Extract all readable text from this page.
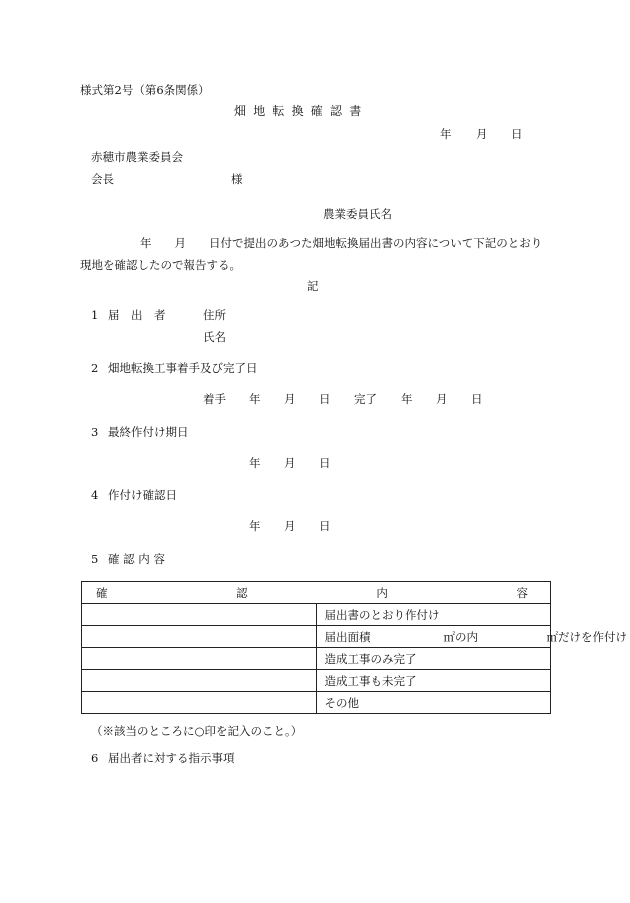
様式第2号（第6条関係）
畑地転換確認書
年 月 日
赤穂市農業委員会
会長	様
農業委員氏名
年　　月　　日付で提出のあつた畑地転換届出書の内容について下記のとおり
現地を確認したので報告する。
記
1 届　出　者	住所
氏名
2 畑地転換工事着手及び完了日
着手 年 月 日 完了 年 月 日
3 最終作付け期日
年 月 日
4 作付け確認日
年 月 日
5 確 認 内 容
確 認 内 容	

	届出書のとおり作付け
	届出面積 ㎡の内 ㎡だけを作付け
	造成工事のみ完了
	造成工事も未完了
	その他
（※該当のところに○印を記入のこと。）
6 届出者に対する指示事項
